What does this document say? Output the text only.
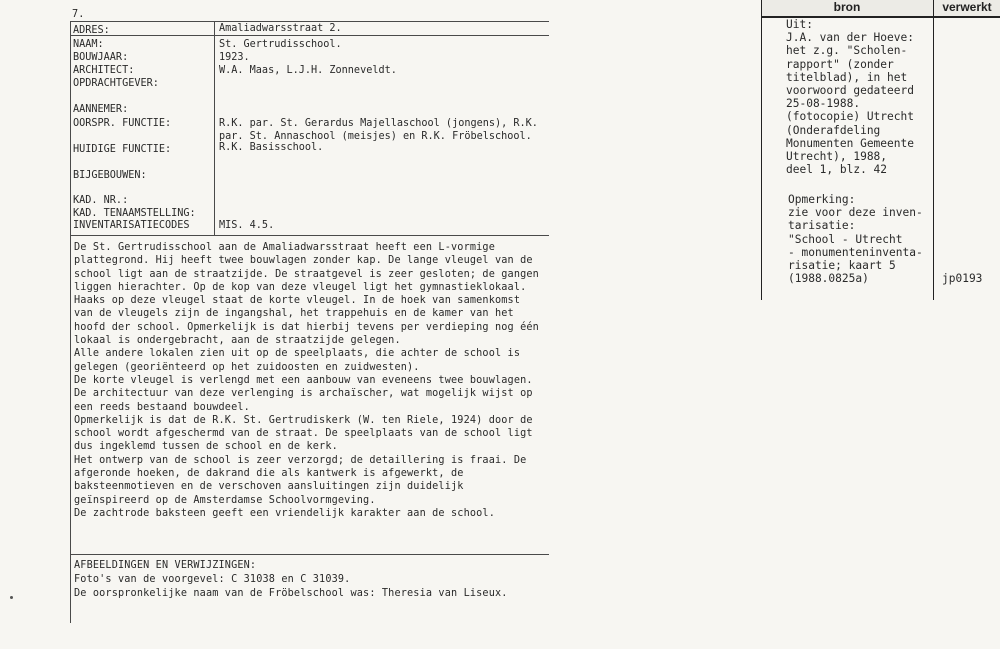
7.
ADRES:	Amaliadwarsstraat 2.
NAAM:	St. Gertrudisschool.
BOUWJAAR:	1923.
ARCHITECT:	W.A. Maas, L.J.H. Zonneveldt.
OPDRACHTGEVER:
AANNEMER:
OORSPR. FUNCTIE:	R.K. par. St. Gerardus Majellaschool (jongens), R.K.
par. St. Annaschool (meisjes) en R.K. Fröbelschool.
HUIDIGE FUNCTIE:	R.K. Basisschool.
BIJGEBOUWEN:
KAD. NR.:
KAD. TENAAMSTELLING:
INVENTARISATIECODES	MIS. 4.5.
De St. Gertrudisschool aan de Amaliadwarsstraat heeft een L-vormige
plattegrond. Hij heeft twee bouwlagen zonder kap. De lange vleugel van de
school ligt aan de straatzijde. De straatgevel is zeer gesloten; de gangen
liggen hierachter. Op de kop van deze vleugel ligt het gymnastieklokaal.
Haaks op deze vleugel staat de korte vleugel. In de hoek van samenkomst
van de vleugels zijn de ingangshal, het trappehuis en de kamer van het
hoofd der school. Opmerkelijk is dat hierbij tevens per verdieping nog één
lokaal is ondergebracht, aan de straatzijde gelegen.
Alle andere lokalen zien uit op de speelplaats, die achter de school is
gelegen (georiënteerd op het zuidoosten en zuidwesten).
De korte vleugel is verlengd met een aanbouw van eveneens twee bouwlagen.
De architectuur van deze verlenging is archaïscher, wat mogelijk wijst op
een reeds bestaand bouwdeel.
Opmerkelijk is dat de R.K. St. Gertrudiskerk (W. ten Riele, 1924) door de
school wordt afgeschermd van de straat. De speelplaats van de school ligt
dus ingeklemd tussen de school en de kerk.
Het ontwerp van de school is zeer verzorgd; de detaillering is fraai. De
afgeronde hoeken, de dakrand die als kantwerk is afgewerkt, de
baksteenmotieven en de verschoven aansluitingen zijn duidelijk
geïnspireerd op de Amsterdamse Schoolvormgeving.
De zachtrode baksteen geeft een vriendelijk karakter aan de school.
AFBEELDINGEN EN VERWIJZINGEN:
Foto's van de voorgevel: C 31038 en C 31039.
De oorspronkelijke naam van de Fröbelschool was: Theresia van Liseux.
bron	verwerkt
Uit:
J.A. van der Hoeve:
het z.g. "Scholen-
rapport" (zonder
titelblad), in het
voorwoord gedateerd
25-08-1988.
(fotocopie) Utrecht
(Onderafdeling
Monumenten Gemeente
Utrecht), 1988,
deel 1, blz. 42
Opmerking:
zie voor deze inven-
tarisatie:
"School - Utrecht
- monumenteninventa-
risatie; kaart 5
(1988.0825a)	jp0193
